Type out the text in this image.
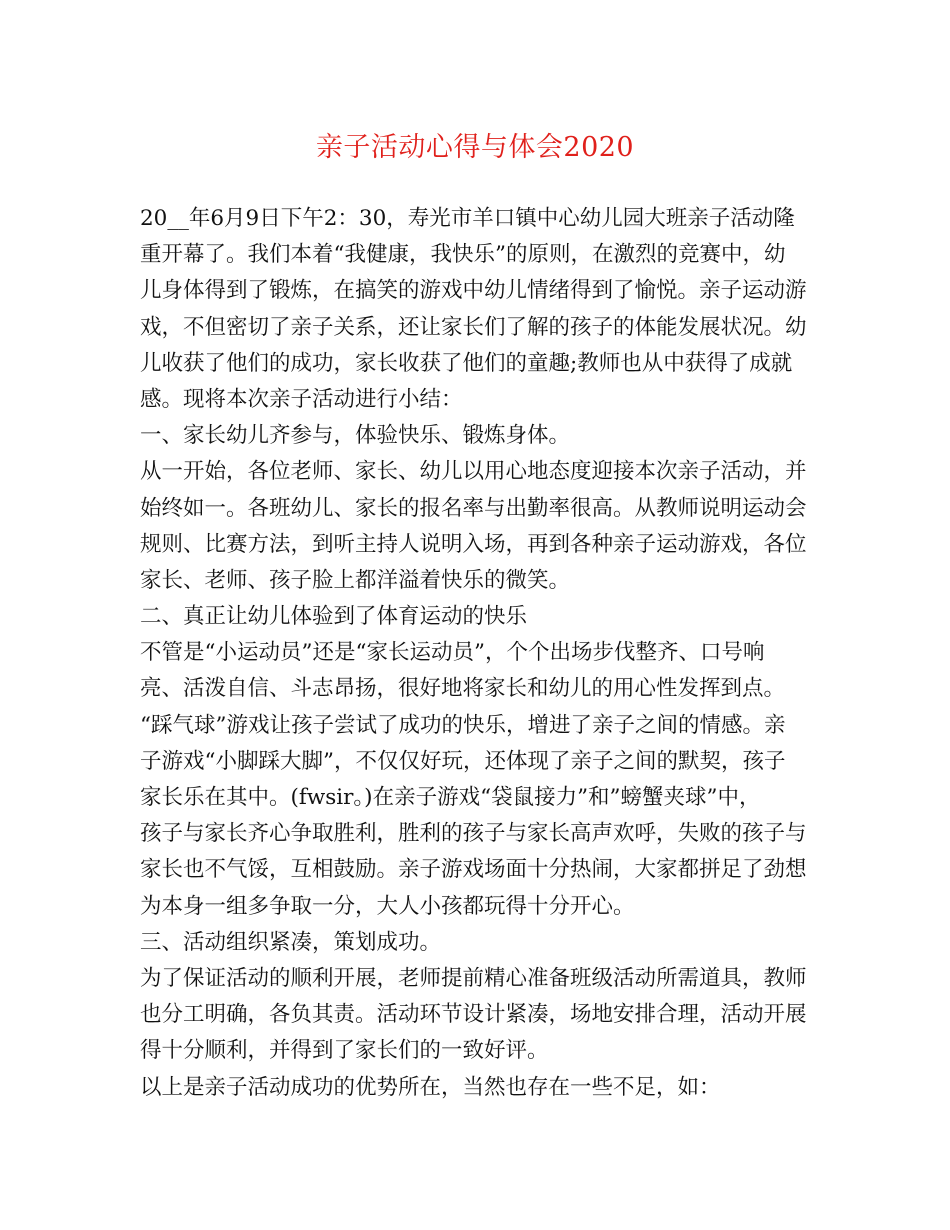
亲子活动心得与体会2020
20__年6月9日下午2：30，寿光市羊口镇中心幼儿园大班亲子活动隆
重开幕了。我们本着“我健康，我快乐”的原则，在激烈的竞赛中，幼
儿身体得到了锻炼，在搞笑的游戏中幼儿情绪得到了愉悦。亲子运动游
戏，不但密切了亲子关系，还让家长们了解的孩子的体能发展状况。幼
儿收获了他们的成功，家长收获了他们的童趣;教师也从中获得了成就
感。现将本次亲子活动进行小结：
一、家长幼儿齐参与，体验快乐、锻炼身体。
从一开始，各位老师、家长、幼儿以用心地态度迎接本次亲子活动，并
始终如一。各班幼儿、家长的报名率与出勤率很高。从教师说明运动会
规则、比赛方法，到听主持人说明入场，再到各种亲子运动游戏，各位
家长、老师、孩子脸上都洋溢着快乐的微笑。
二、真正让幼儿体验到了体育运动的快乐
不管是“小运动员”还是“家长运动员”，个个出场步伐整齐、口号响
亮、活泼自信、斗志昂扬，很好地将家长和幼儿的用心性发挥到点。
“踩气球”游戏让孩子尝试了成功的快乐，增进了亲子之间的情感。亲
子游戏“小脚踩大脚”，不仅仅好玩，还体现了亲子之间的默契，孩子
家长乐在其中。(fwsir。)在亲子游戏“袋鼠接力”和”螃蟹夹球”中，
孩子与家长齐心争取胜利，胜利的孩子与家长高声欢呼，失败的孩子与
家长也不气馁，互相鼓励。亲子游戏场面十分热闹，大家都拼足了劲想
为本身一组多争取一分，大人小孩都玩得十分开心。
三、活动组织紧凑，策划成功。
为了保证活动的顺利开展，老师提前精心准备班级活动所需道具，教师
也分工明确，各负其责。活动环节设计紧凑，场地安排合理，活动开展
得十分顺利，并得到了家长们的一致好评。
以上是亲子活动成功的优势所在，当然也存在一些不足，如：
